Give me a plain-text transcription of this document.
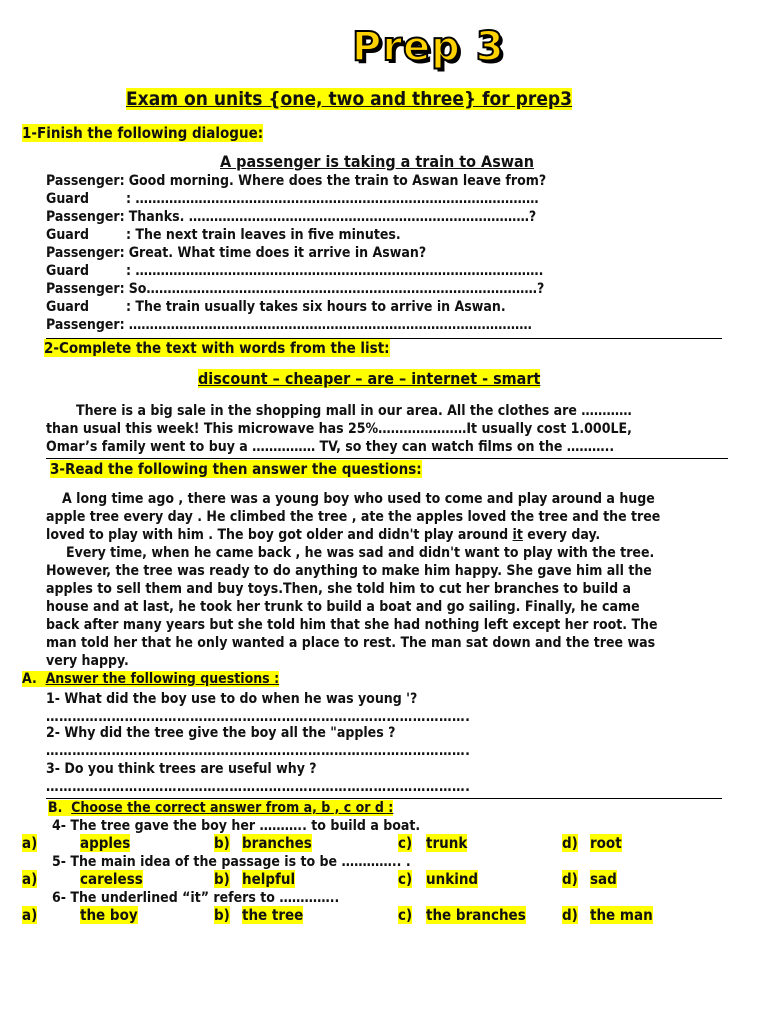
Prep 3
Exam on units {one, two and three} for prep3
1-Finish the following dialogue:
A passenger is taking a train to Aswan
Passenger: Good morning. Where does the train to Aswan leave from?
Guard	: ……………………………………………………………………………………
Passenger: Thanks. ………………………………………………………………………?
Guard	: The next train leaves in five minutes.
Passenger: Great. What time does it arrive in Aswan?
Guard	: …………………………………………………………………………………….
Passenger: So…………………………………………………………………………………?
Guard	: The train usually takes six hours to arrive in Aswan.
Passenger: ……………………………………………………………………………………
2-Complete the text with words from the list:
discount – cheaper – are – internet - smart
There is a big sale in the shopping mall in our area. All the clothes are …………
than usual this week! This microwave has 25%…………………It usually cost 1.000LE,
Omar’s family went to buy a …………… TV, so they can watch films on the ………..
3-Read the following then answer the questions:
A long time ago , there was a young boy who used to come and play around a huge
apple tree every day . He climbed the tree , ate the apples loved the tree and the tree
loved to play with him . The boy got older and didn't play around it every day.
Every time, when he came back , he was sad and didn't want to play with the tree.
However, the tree was ready to do anything to make him happy. She gave him all the
apples to sell them and buy toys.Then, she told him to cut her branches to build a
house and at last, he took her trunk to build a boat and go sailing. Finally, he came
back after many years but she told him that she had nothing left except her root. The
man told her that he only wanted a place to rest. The man sat down and the tree was
very happy.
A. Answer the following questions :
1- What did the boy use to do when he was young '?
…………………………………………………………………………………….
2- Why did the tree give the boy all the "apples ?
…………………………………………………………………………………….
3- Do you think trees are useful why ?
…………………………………………………………………………………….
B. Choose the correct answer from a, b , c or d :
4- The tree gave the boy her ……….. to build a boat.
a)	apples	b) branches	c) trunk	d) root
5- The main idea of the passage is to be ………….. .
a)	careless	b) helpful	c) unkind	d) sad
6- The underlined “it” refers to …………..
a)	the boy	b) the tree	c) the branches d) the man
